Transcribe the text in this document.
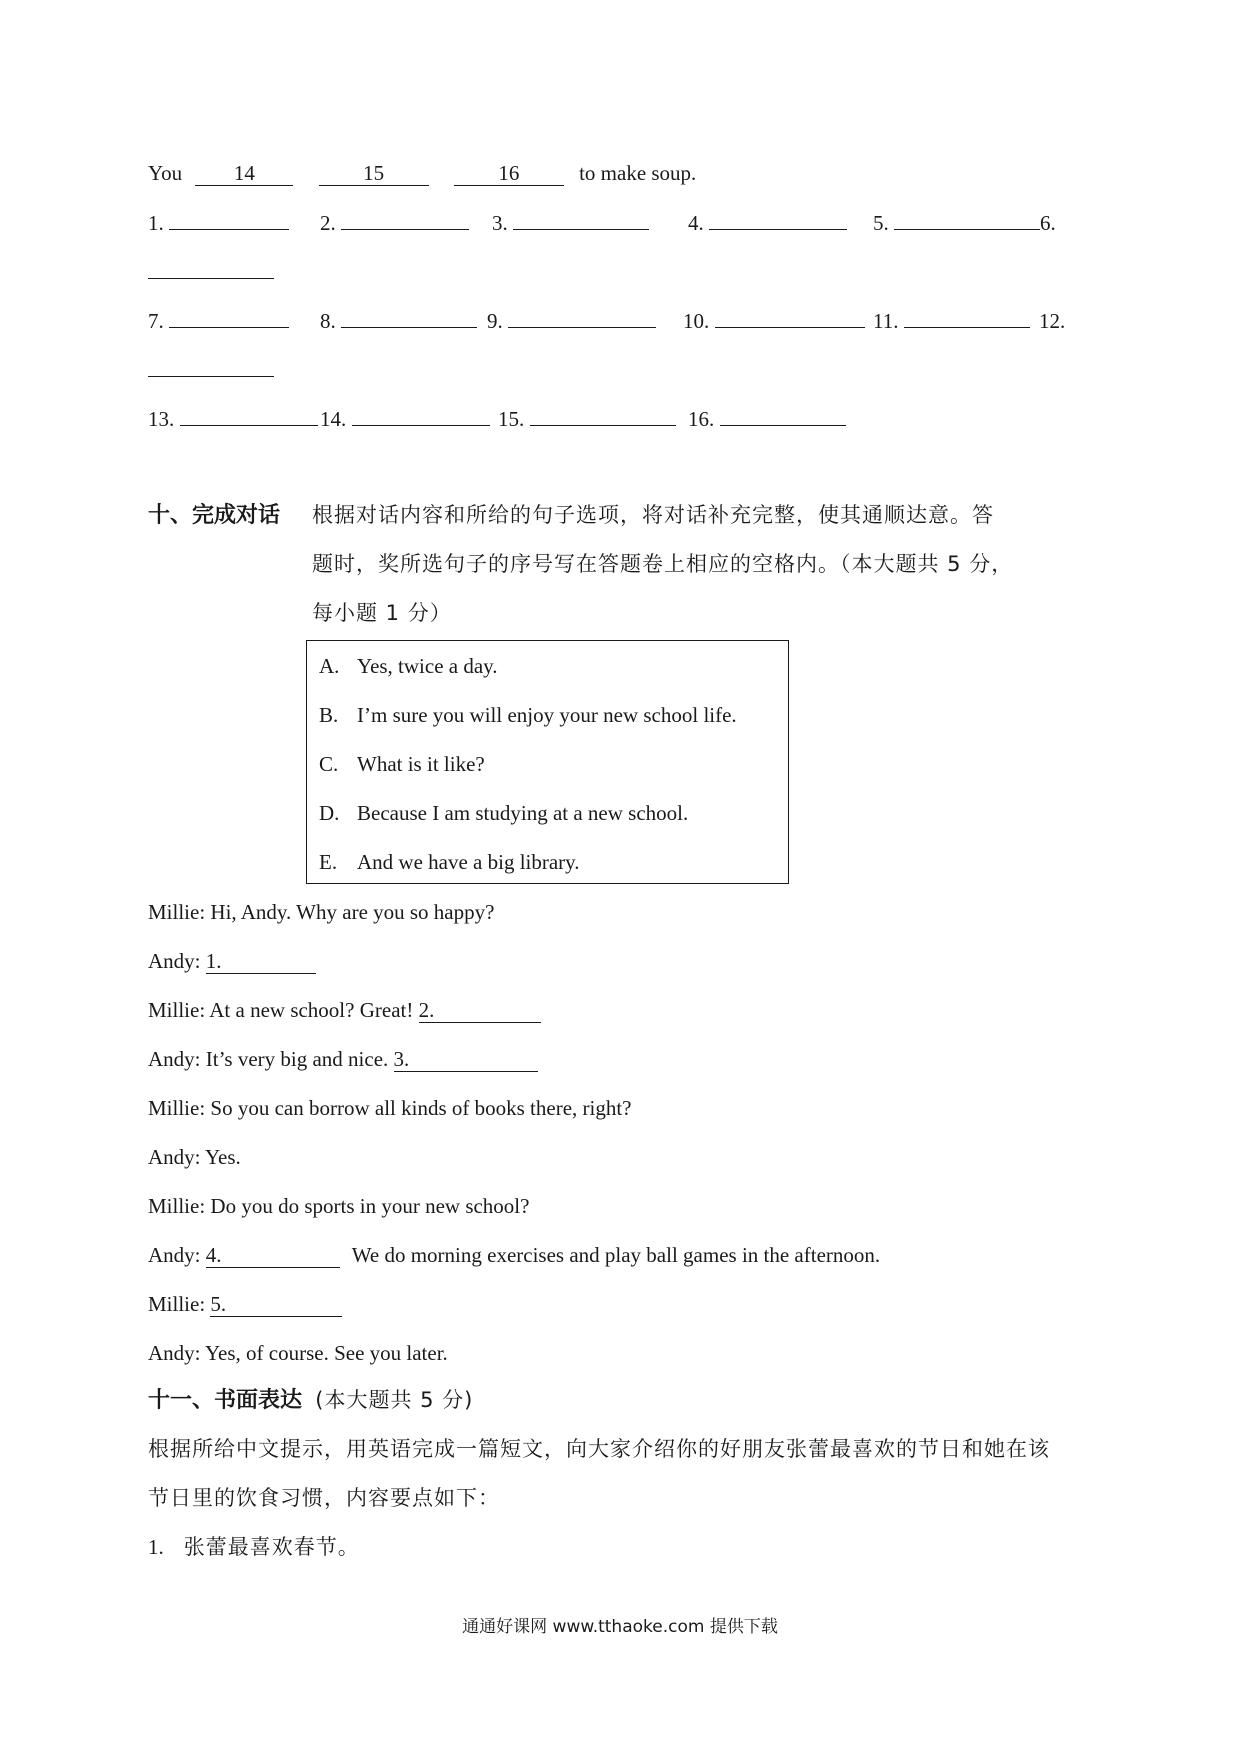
You 14	15	16	to make soup.
1.	2.	3.	4.	5.	6.
7.	8.	9.	10.	11.	12.
13.	14.	15.	16.
十、完成对话 根据对话内容和所给的句子选项，将对话补充完整，使其通顺达意。答
题时，奖所选句子的序号写在答题卷上相应的空格内。（本大题共 5 分，
每小题 1 分）
A. Yes, twice a day.
B. I’m sure you will enjoy your new school life.
C. What is it like?
D. Because I am studying at a new school.
E. And we have a big library.
Millie: Hi, Andy. Why are you so happy?
Andy: 1.
Millie: At a new school? Great! 2.
Andy: It’s very big and nice. 3.
Millie: So you can borrow all kinds of books there, right?
Andy: Yes.
Millie: Do you do sports in your new school?
Andy: 4.	We do morning exercises and play ball games in the afternoon.
Millie: 5.
Andy: Yes, of course. See you later.
十一、书面表达 (本大题共 5 分)
根据所给中文提示，用英语完成一篇短文，向大家介绍你的好朋友张蕾最喜欢的节日和她在该
节日里的饮食习惯，内容要点如下：
1. 张蕾最喜欢春节。
通通好课网 www.tthaoke.com 提供下载
